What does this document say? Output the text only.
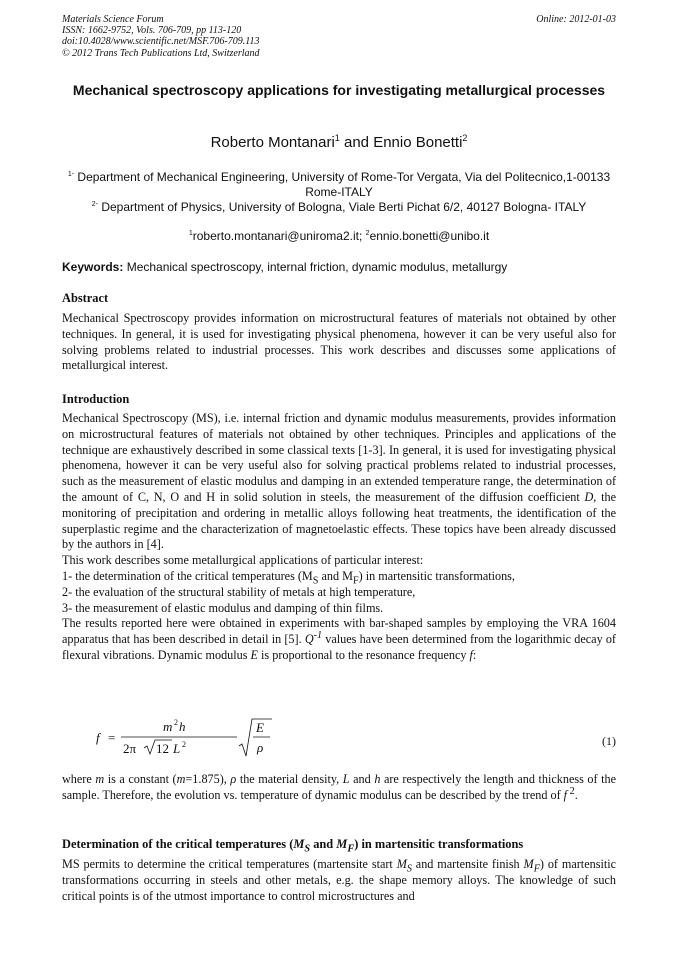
Materials Science Forum
ISSN: 1662-9752, Vols. 706-709, pp 113-120
doi:10.4028/www.scientific.net/MSF.706-709.113
© 2012 Trans Tech Publications Ltd, Switzerland
Online: 2012-01-03
Mechanical spectroscopy applications for investigating metallurgical processes
Roberto Montanari$^1$ and Ennio Bonetti$^2$
$^{1-}$ Department of Mechanical Engineering, University of Rome-Tor Vergata, Via del Politecnico,1-00133 Rome-ITALY
$^{2-}$ Department of Physics, University of Bologna, Viale Berti Pichat 6/2, 40127 Bologna- ITALY
$^1$roberto.montanari@uniroma2.it; $^2$ennio.bonetti@unibo.it
Keywords: Mechanical spectroscopy, internal friction, dynamic modulus, metallurgy
Abstract
Mechanical Spectroscopy provides information on microstructural features of materials not obtained by other techniques. In general, it is used for investigating physical phenomena, however it can be very useful also for solving problems related to industrial processes. This work describes and discusses some applications of metallurgical interest.
Introduction

Mechanical Spectroscopy (MS), i.e. internal friction and dynamic modulus measurements, provides information on microstructural features of materials not obtained by other techniques. Principles and applications of the technique are exhaustively described in some classical texts [1-3]. In general, it is used for investigating physical phenomena, however it can be very useful also for solving practical problems related to industrial processes, such as the measurement of elastic modulus and damping in an extended temperature range, the determination of the amount of C, N, O and H in solid solution in steels, the measurement of the diffusion coefficient D, the monitoring of precipitation and ordering in metallic alloys following heat treatments, the identification of the superplastic regime and the characterization of magnetoelastic effects. These topics have been already discussed by the authors in [4].

This work describes some metallurgical applications of particular interest:

1- the determination of the critical temperatures ($M_S$ and $M_F$) in martensitic transformations,

2- the evaluation of the structural stability of metals at high temperature,

3- the measurement of elastic modulus and damping of thin films.

The results reported here were obtained in experiments with bar-shaped samples by employing the VRA 1604 apparatus that has been described in detail in [5]. $Q^{-1}$ values have been determined from the logarithmic decay of flexural vibrations. Dynamic modulus E is proportional to the resonance frequency f:

f =
m 2 h
2π 12 L 2
E
ρ	(1)
where m is a constant (m=1.875), ρ the material density, L and h are respectively the length and thickness of the sample. Therefore, the evolution vs. temperature of dynamic modulus can be described by the trend of f $^2$.
Determination of the critical temperatures ($M_S$ and $M_F$) in martensitic transformations
MS permits to determine the critical temperatures (martensite start $M_S$ and martensite finish $M_F$) of martensitic transformations occurring in steels and other metals, e.g. the shape memory alloys. The knowledge of such critical points is of the utmost importance to control microstructures and
